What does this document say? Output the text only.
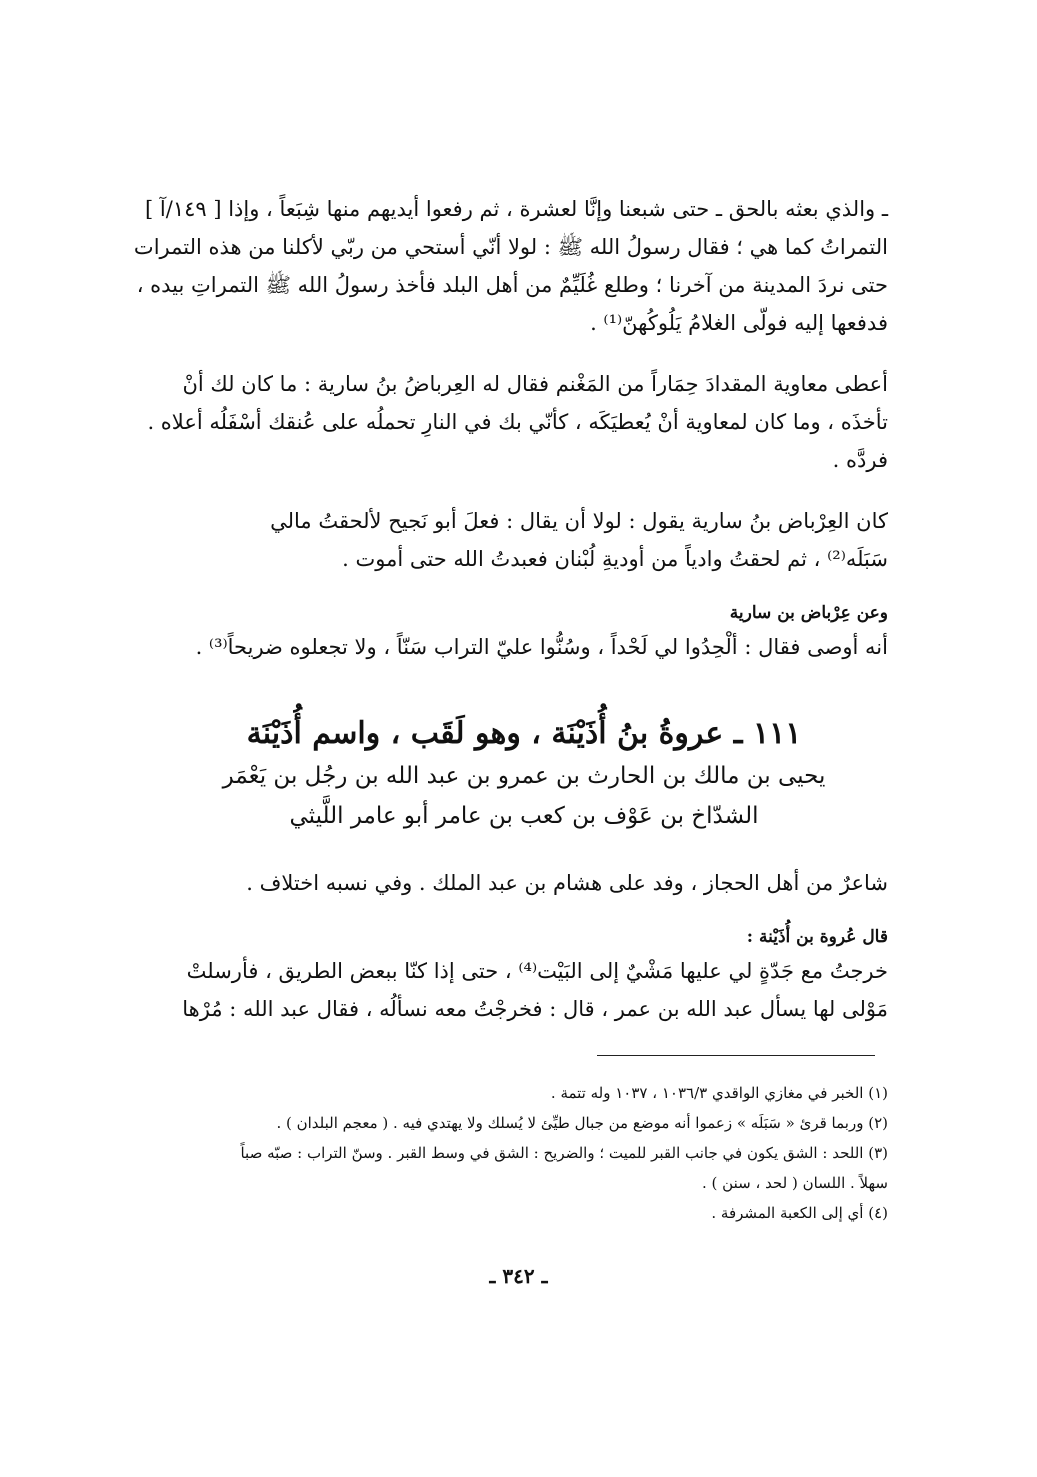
ـ والذي بعثه بالحق ـ حتى شبعنا وإنَّا لعشرة ، ثم رفعوا أيديهم منها شِبَعاً ، وإذا [ ١٤٩/آ ]
التمراتُ كما هي ؛ فقال رسولُ الله ﷺ : لولا أنّي أستحي من ربّي لأكلنا من هذه التمرات
حتى نردَ المدينة من آخرنا ؛ وطلع غُلَيِّمٌ من أهل البلد فأخذ رسولُ الله ﷺ التمراتِ بيده ،
فدفعها إليه فولّى الغلامُ يَلُوكُهنّ⁽¹⁾ .
أعطى معاوية المقدادَ حِمَاراً من المَغْنم فقال له العِرباضُ بنُ سارية : ما كان لك أنْ
تأخذَه ، وما كان لمعاوية أنْ يُعطيَكَه ، كأنّي بك في النارِ تحملُه على عُنقك أسْفَلُه أعلاه .
فردَّه .
كان العِرْباض بنُ سارية يقول : لولا أن يقال : فعلَ أبو نَجيح لألحقتُ مالي
سَبَلَه⁽²⁾ ، ثم لحقتُ وادياً من أوديةِ لُبْنان فعبدتُ الله حتى أموت .
وعن عِرْباض بن سارية
أنه أوصى فقال : ألْحِدُوا لي لَحْداً ، وسُنُّوا عليّ التراب سَنّاً ، ولا تجعلوه ضريحاً⁽³⁾ .
١١١ ـ عروةُ بنُ أُذَيْنَة ، وهو لَقَب ، واسم أُذَيْنَة
يحيى بن مالك بن الحارث بن عمرو بن عبد الله بن رجُل بن يَعْمَر
الشدّاخ بن عَوْف بن كعب بن عامر أبو عامر اللَّيثي
شاعرٌ من أهل الحجاز ، وفد على هشام بن عبد الملك . وفي نسبه اختلاف .
قال عُروة بن أُذَيْنة :
خرجتُ مع جَدّةٍ لي عليها مَشْيٌ إلى البَيْت⁽⁴⁾ ، حتى إذا كنّا ببعض الطريق ، فأرسلتْ
مَوْلى لها يسأل عبد الله بن عمر ، قال : فخرجْتُ معه نسألُه ، فقال عبد الله : مُرْها
(١) الخبر في مغازي الواقدي ١٠٣٦/٣ ، ١٠٣٧ وله تتمة .
(٢) وربما قرئ « سَبَلَه » زعموا أنه موضع من جبال طيِّئ لا يُسلك ولا يهتدي فيه . ( معجم البلدان ) .
(٣) اللحد : الشق يكون في جانب القبر للميت ؛ والضريح : الشق في وسط القبر . وسنّ التراب : صبّه صباً
سهلاً . اللسان ( لحد ، سنن ) .
(٤) أي إلى الكعبة المشرفة .
ـ ٣٤٢ ـ
